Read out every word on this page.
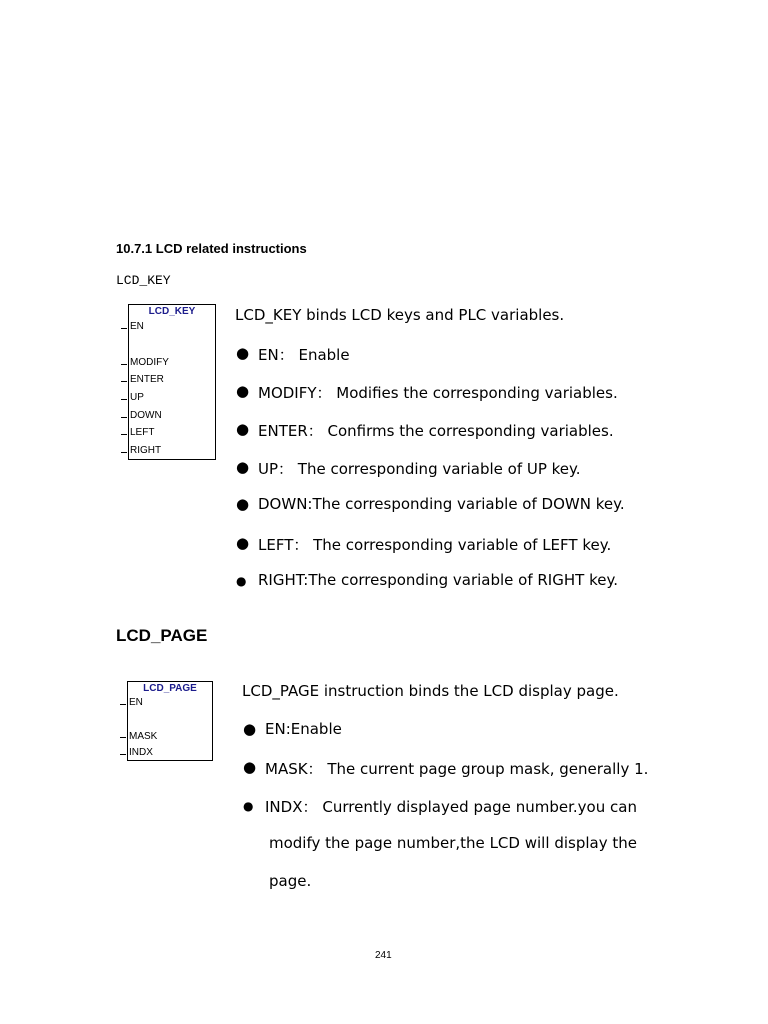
10.7.1 LCD related instructions
LCD_KEY
LCD_KEY
EN
MODIFY
ENTER
UP
DOWN
LEFT
RIGHT
LCD_KEY binds LCD keys and PLC variables.
● EN： Enable
● MODIFY： Modifies the corresponding variables.
● ENTER： Confirms the corresponding variables.
● UP： The corresponding variable of UP key.
● DOWN:The corresponding variable of DOWN key.
● LEFT： The corresponding variable of LEFT key.
● RIGHT:The corresponding variable of RIGHT key.
LCD_PAGE
LCD_PAGE
EN
MASK
INDX
LCD_PAGE instruction binds the LCD display page.
● EN:Enable
● MASK： The current page group mask, generally 1.
● INDX： Currently displayed page number.you can
modify the page number,the LCD will display the
page.
241
